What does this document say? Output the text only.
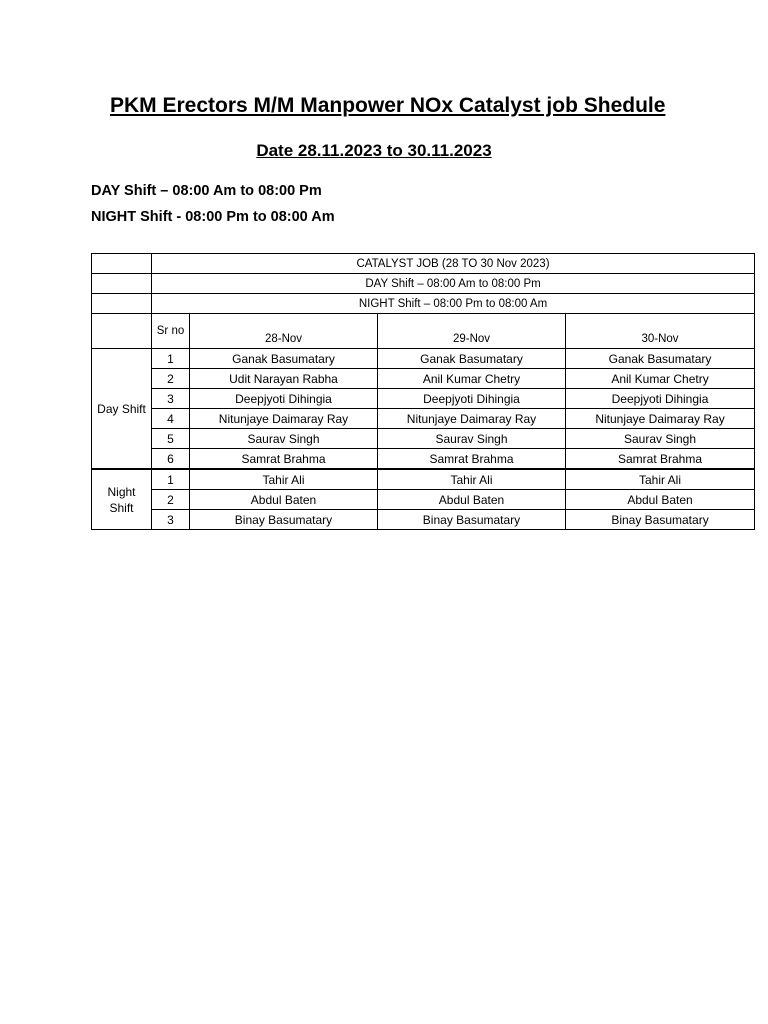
PKM Erectors M/M Manpower NOx Catalyst job Shedule
Date 28.11.2023 to 30.11.2023
DAY Shift – 08:00 Am to 08:00 Pm
NIGHT Shift - 08:00 Pm to 08:00 Am
	CATALYST JOB (28 TO 30 Nov 2023)			
	DAY Shift – 08:00 Am to 08:00 Pm			
	NIGHT Shift – 08:00 Pm to 08:00 Am			
	Sr no	28-Nov	29-Nov	30-Nov
Day Shift	1	Ganak Basumatary	Ganak Basumatary	Ganak Basumatary
	2	Udit Narayan Rabha	Anil Kumar Chetry	Anil Kumar Chetry
	3	Deepjyoti Dihingia	Deepjyoti Dihingia	Deepjyoti Dihingia
	4	Nitunjaye Daimaray Ray	Nitunjaye Daimaray Ray	Nitunjaye Daimaray Ray
	5	Saurav Singh	Saurav Singh	Saurav Singh
	6	Samrat Brahma	Samrat Brahma	Samrat Brahma
Night Shift	1	Tahir Ali	Tahir Ali	Tahir Ali
	2	Abdul Baten	Abdul Baten	Abdul Baten
	3	Binay Basumatary	Binay Basumatary	Binay Basumatary
